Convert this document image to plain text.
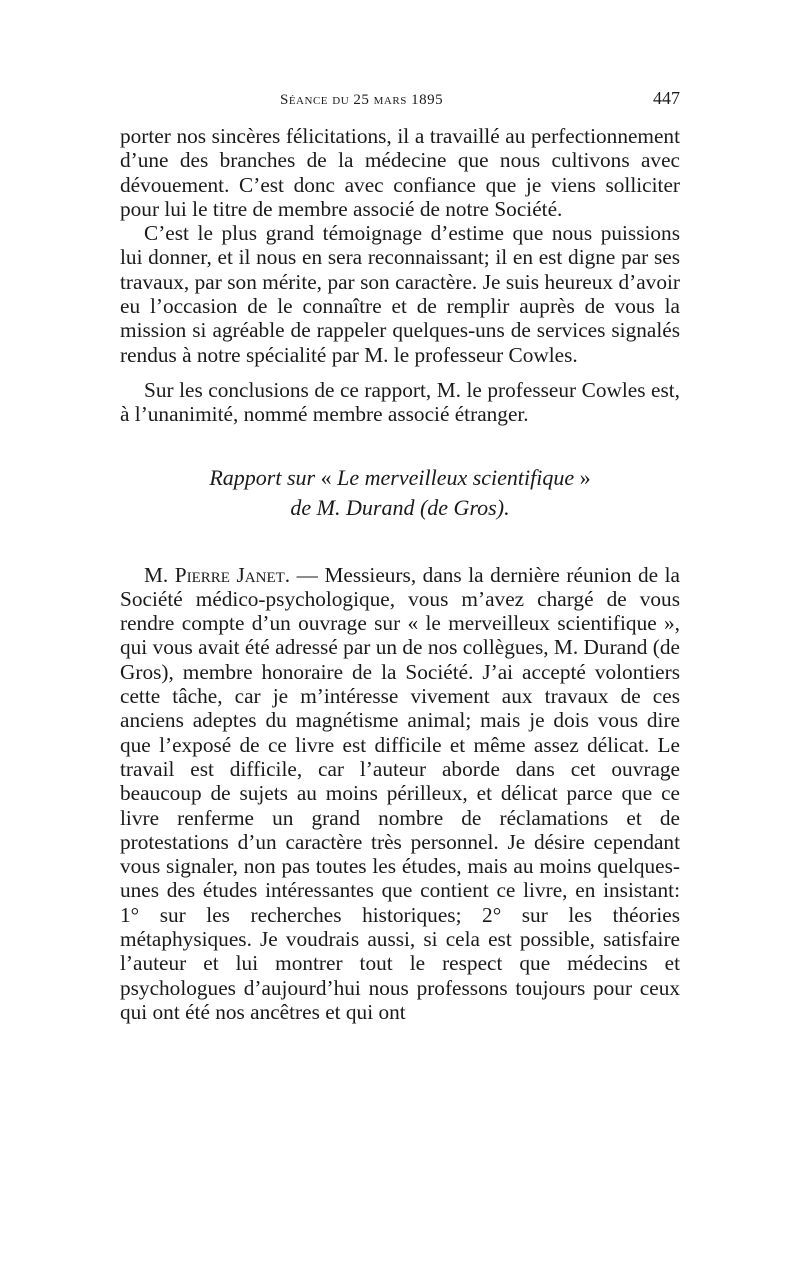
Séance du 25 mars 1895	447

porter nos sincères félicitations, il a travaillé au perfectionnement d’une des branches de la médecine que nous cultivons avec dévouement. C’est donc avec confiance que je viens solliciter pour lui le titre de membre associé de notre Société.

C’est le plus grand témoignage d’estime que nous puissions lui donner, et il nous en sera reconnaissant; il en est digne par ses travaux, par son mérite, par son caractère. Je suis heureux d’avoir eu l’occasion de le connaître et de remplir auprès de vous la mission si agréable de rappeler quelques-uns de services signalés rendus à notre spécialité par M. le professeur Cowles.

Sur les conclusions de ce rapport, M. le professeur Cowles est, à l’unanimité, nommé membre associé étranger.

Rapport sur « Le merveilleux scientifique »
de M. Durand (de Gros).

M. Pierre Janet. — Messieurs, dans la dernière réunion de la Société médico-psychologique, vous m’avez chargé de vous rendre compte d’un ouvrage sur « le merveilleux scientifique », qui vous avait été adressé par un de nos collègues, M. Durand (de Gros), membre honoraire de la Société. J’ai accepté volontiers cette tâche, car je m’intéresse vivement aux travaux de ces anciens adeptes du magnétisme animal; mais je dois vous dire que l’exposé de ce livre est difficile et même assez délicat. Le travail est difficile, car l’auteur aborde dans cet ouvrage beaucoup de sujets au moins périlleux, et délicat parce que ce livre renferme un grand nombre de réclamations et de protestations d’un caractère très personnel. Je désire cependant vous signaler, non pas toutes les études, mais au moins quelques-unes des études intéressantes que contient ce livre, en insistant: 1° sur les recherches historiques; 2° sur les théories métaphysiques. Je voudrais aussi, si cela est possible, satisfaire l’auteur et lui montrer tout le respect que médecins et psychologues d’aujourd’hui nous professons toujours pour ceux qui ont été nos ancêtres et qui ont
